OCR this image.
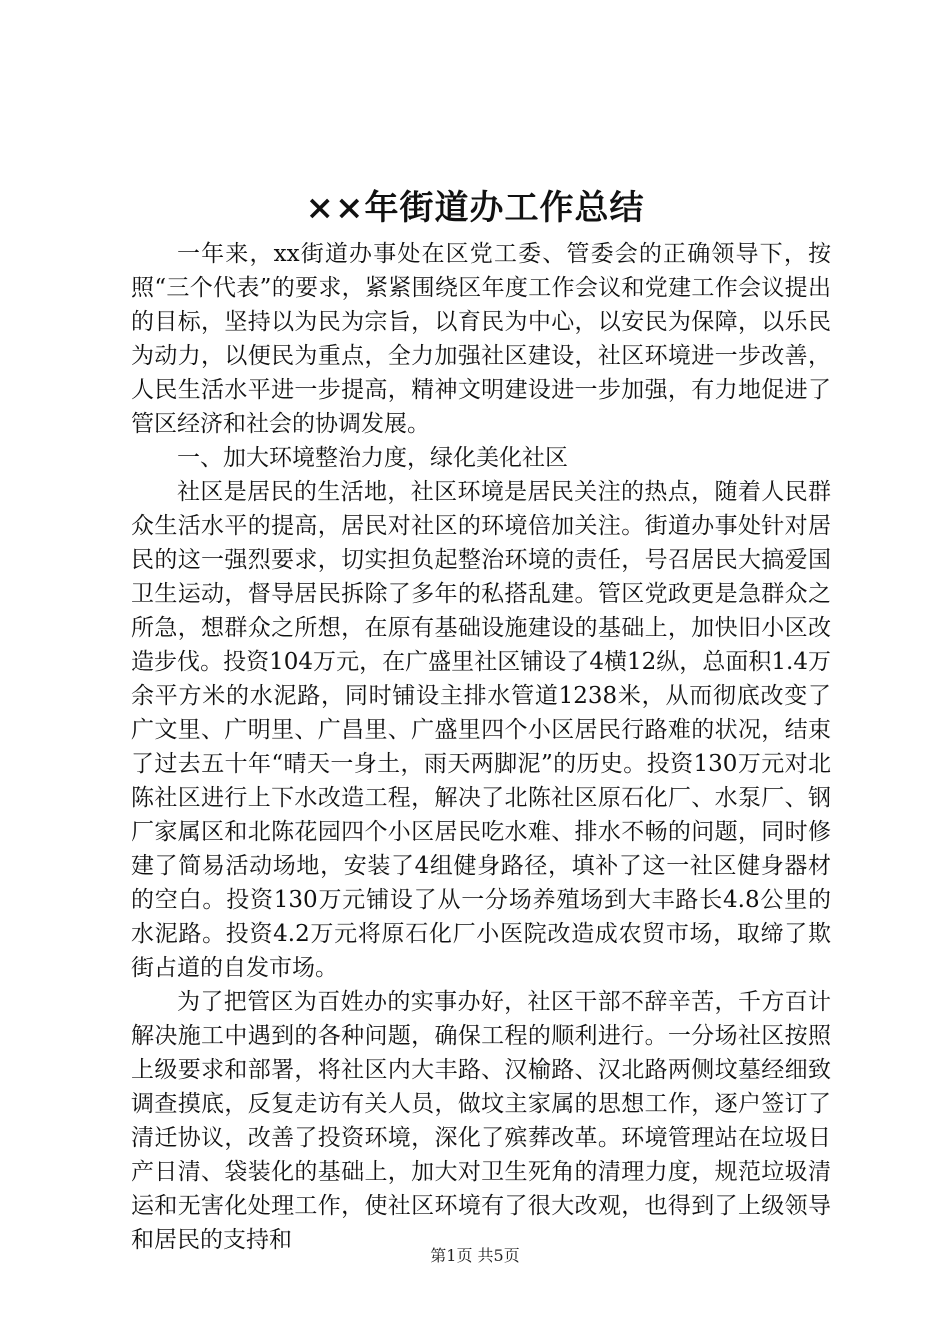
××年街道办工作总结

一年来，xx街道办事处在区党工委、管委会的正确领导下，按照“三个代表”的要求，紧紧围绕区年度工作会议和党建工作会议提出的目标，坚持以为民为宗旨，以育民为中心，以安民为保障，以乐民为动力，以便民为重点，全力加强社区建设，社区环境进一步改善，人民生活水平进一步提高，精神文明建设进一步加强，有力地促进了管区经济和社会的协调发展。

一、加大环境整治力度，绿化美化社区

社区是居民的生活地，社区环境是居民关注的热点，随着人民群众生活水平的提高，居民对社区的环境倍加关注。街道办事处针对居民的这一强烈要求，切实担负起整治环境的责任，号召居民大搞爱国卫生运动，督导居民拆除了多年的私搭乱建。管区党政更是急群众之所急，想群众之所想，在原有基础设施建设的基础上，加快旧小区改造步伐。投资104万元，在广盛里社区铺设了4横12纵，总面积1.4万余平方米的水泥路，同时铺设主排水管道1238米，从而彻底改变了广文里、广明里、广昌里、广盛里四个小区居民行路难的状况，结束了过去五十年“晴天一身土，雨天两脚泥”的历史。投资130万元对北陈社区进行上下水改造工程，解决了北陈社区原石化厂、水泵厂、钢厂家属区和北陈花园四个小区居民吃水难、排水不畅的问题，同时修建了简易活动场地，安装了4组健身路径，填补了这一社区健身器材的空白。投资130万元铺设了从一分场养殖场到大丰路长4.8公里的水泥路。投资4.2万元将原石化厂小医院改造成农贸市场，取缔了欺街占道的自发市场。

为了把管区为百姓办的实事办好，社区干部不辞辛苦，千方百计解决施工中遇到的各种问题，确保工程的顺利进行。一分场社区按照上级要求和部署，将社区内大丰路、汉榆路、汉北路两侧坟墓经细致调查摸底，反复走访有关人员，做坟主家属的思想工作，逐户签订了清迁协议，改善了投资环境，深化了殡葬改革。环境管理站在垃圾日产日清、袋装化的基础上，加大对卫生死角的清理力度，规范垃圾清运和无害化处理工作，使社区环境有了很大改观，也得到了上级领导和居民的支持和

第1页 共5页
